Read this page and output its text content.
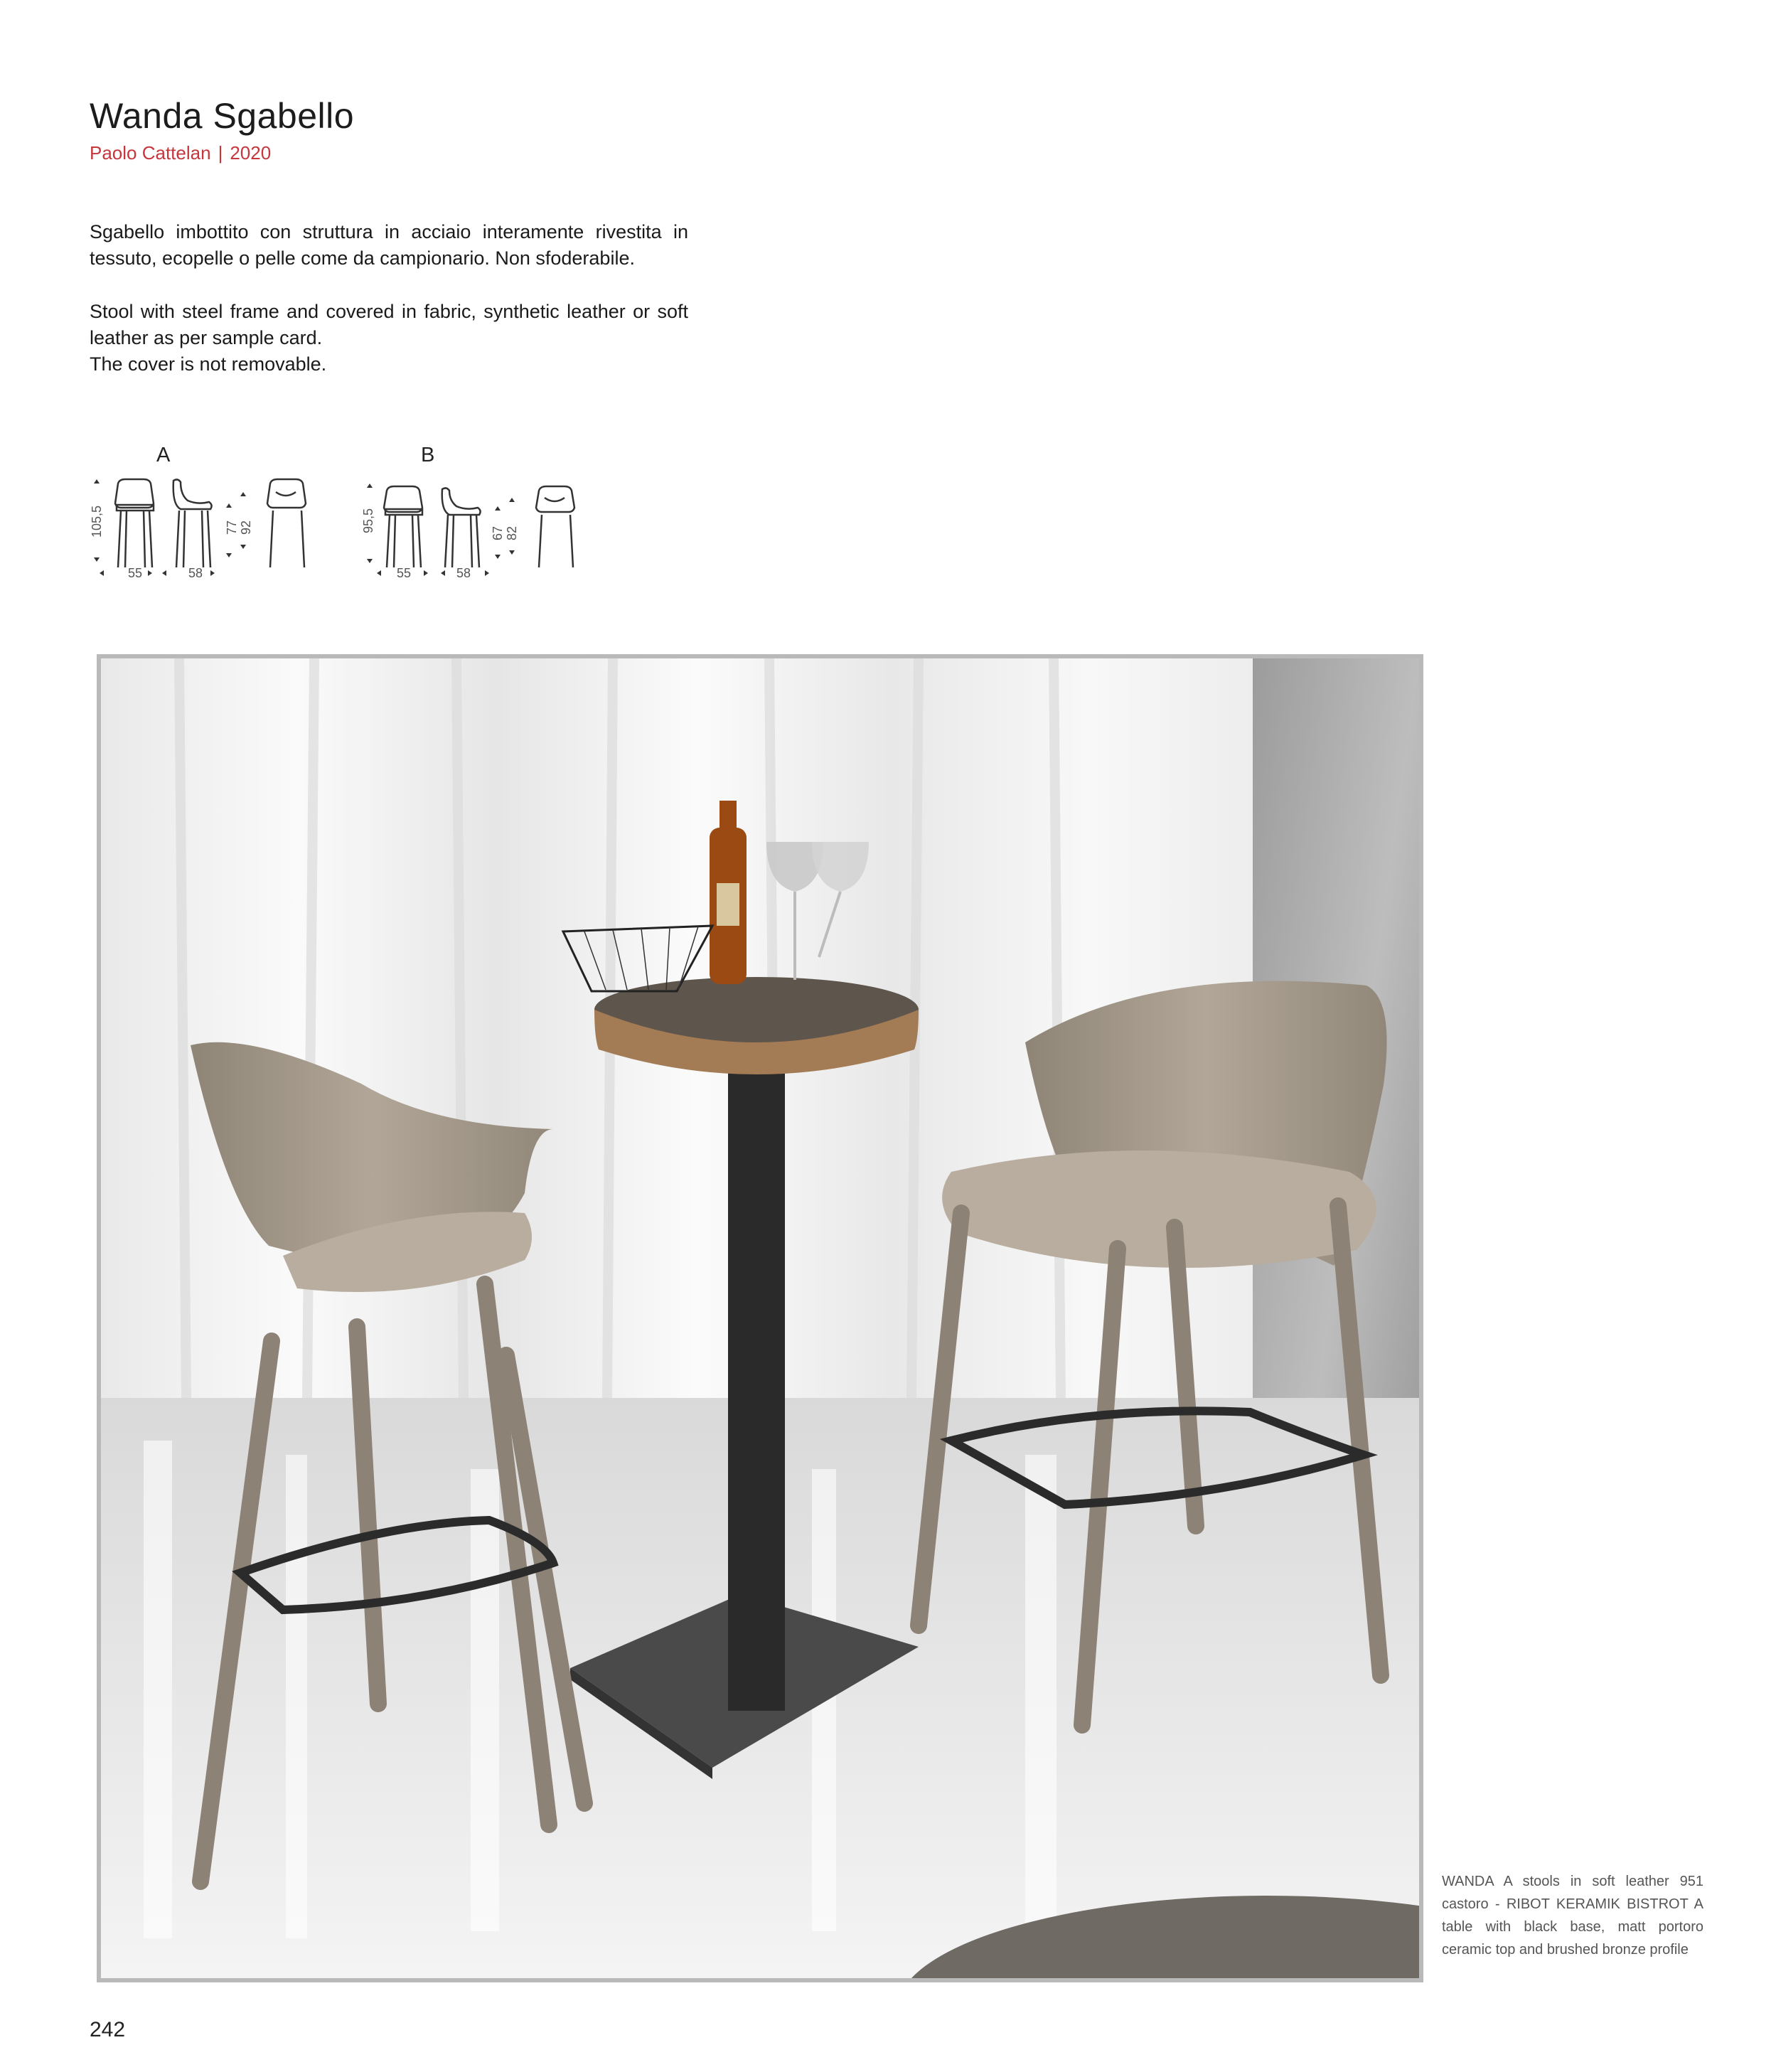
Wanda Sgabello
Paolo Cattelan | 2020

Sgabello imbottito con struttura in acciaio interamente rivestita in tessuto, ecopelle o pelle come da campionario. Non sfoderabile.

Stool with steel frame and covered in fabric, synthetic leather or soft leather as per sample card.

The cover is not removable.

A
105,5	77 92
55	58
B
95,5	67 82
55	58
WANDA A stools in soft leather 951 castoro - RIBOT KERAMIK BISTROT A table with black base, matt portoro ceramic top and brushed bronze profile
242
